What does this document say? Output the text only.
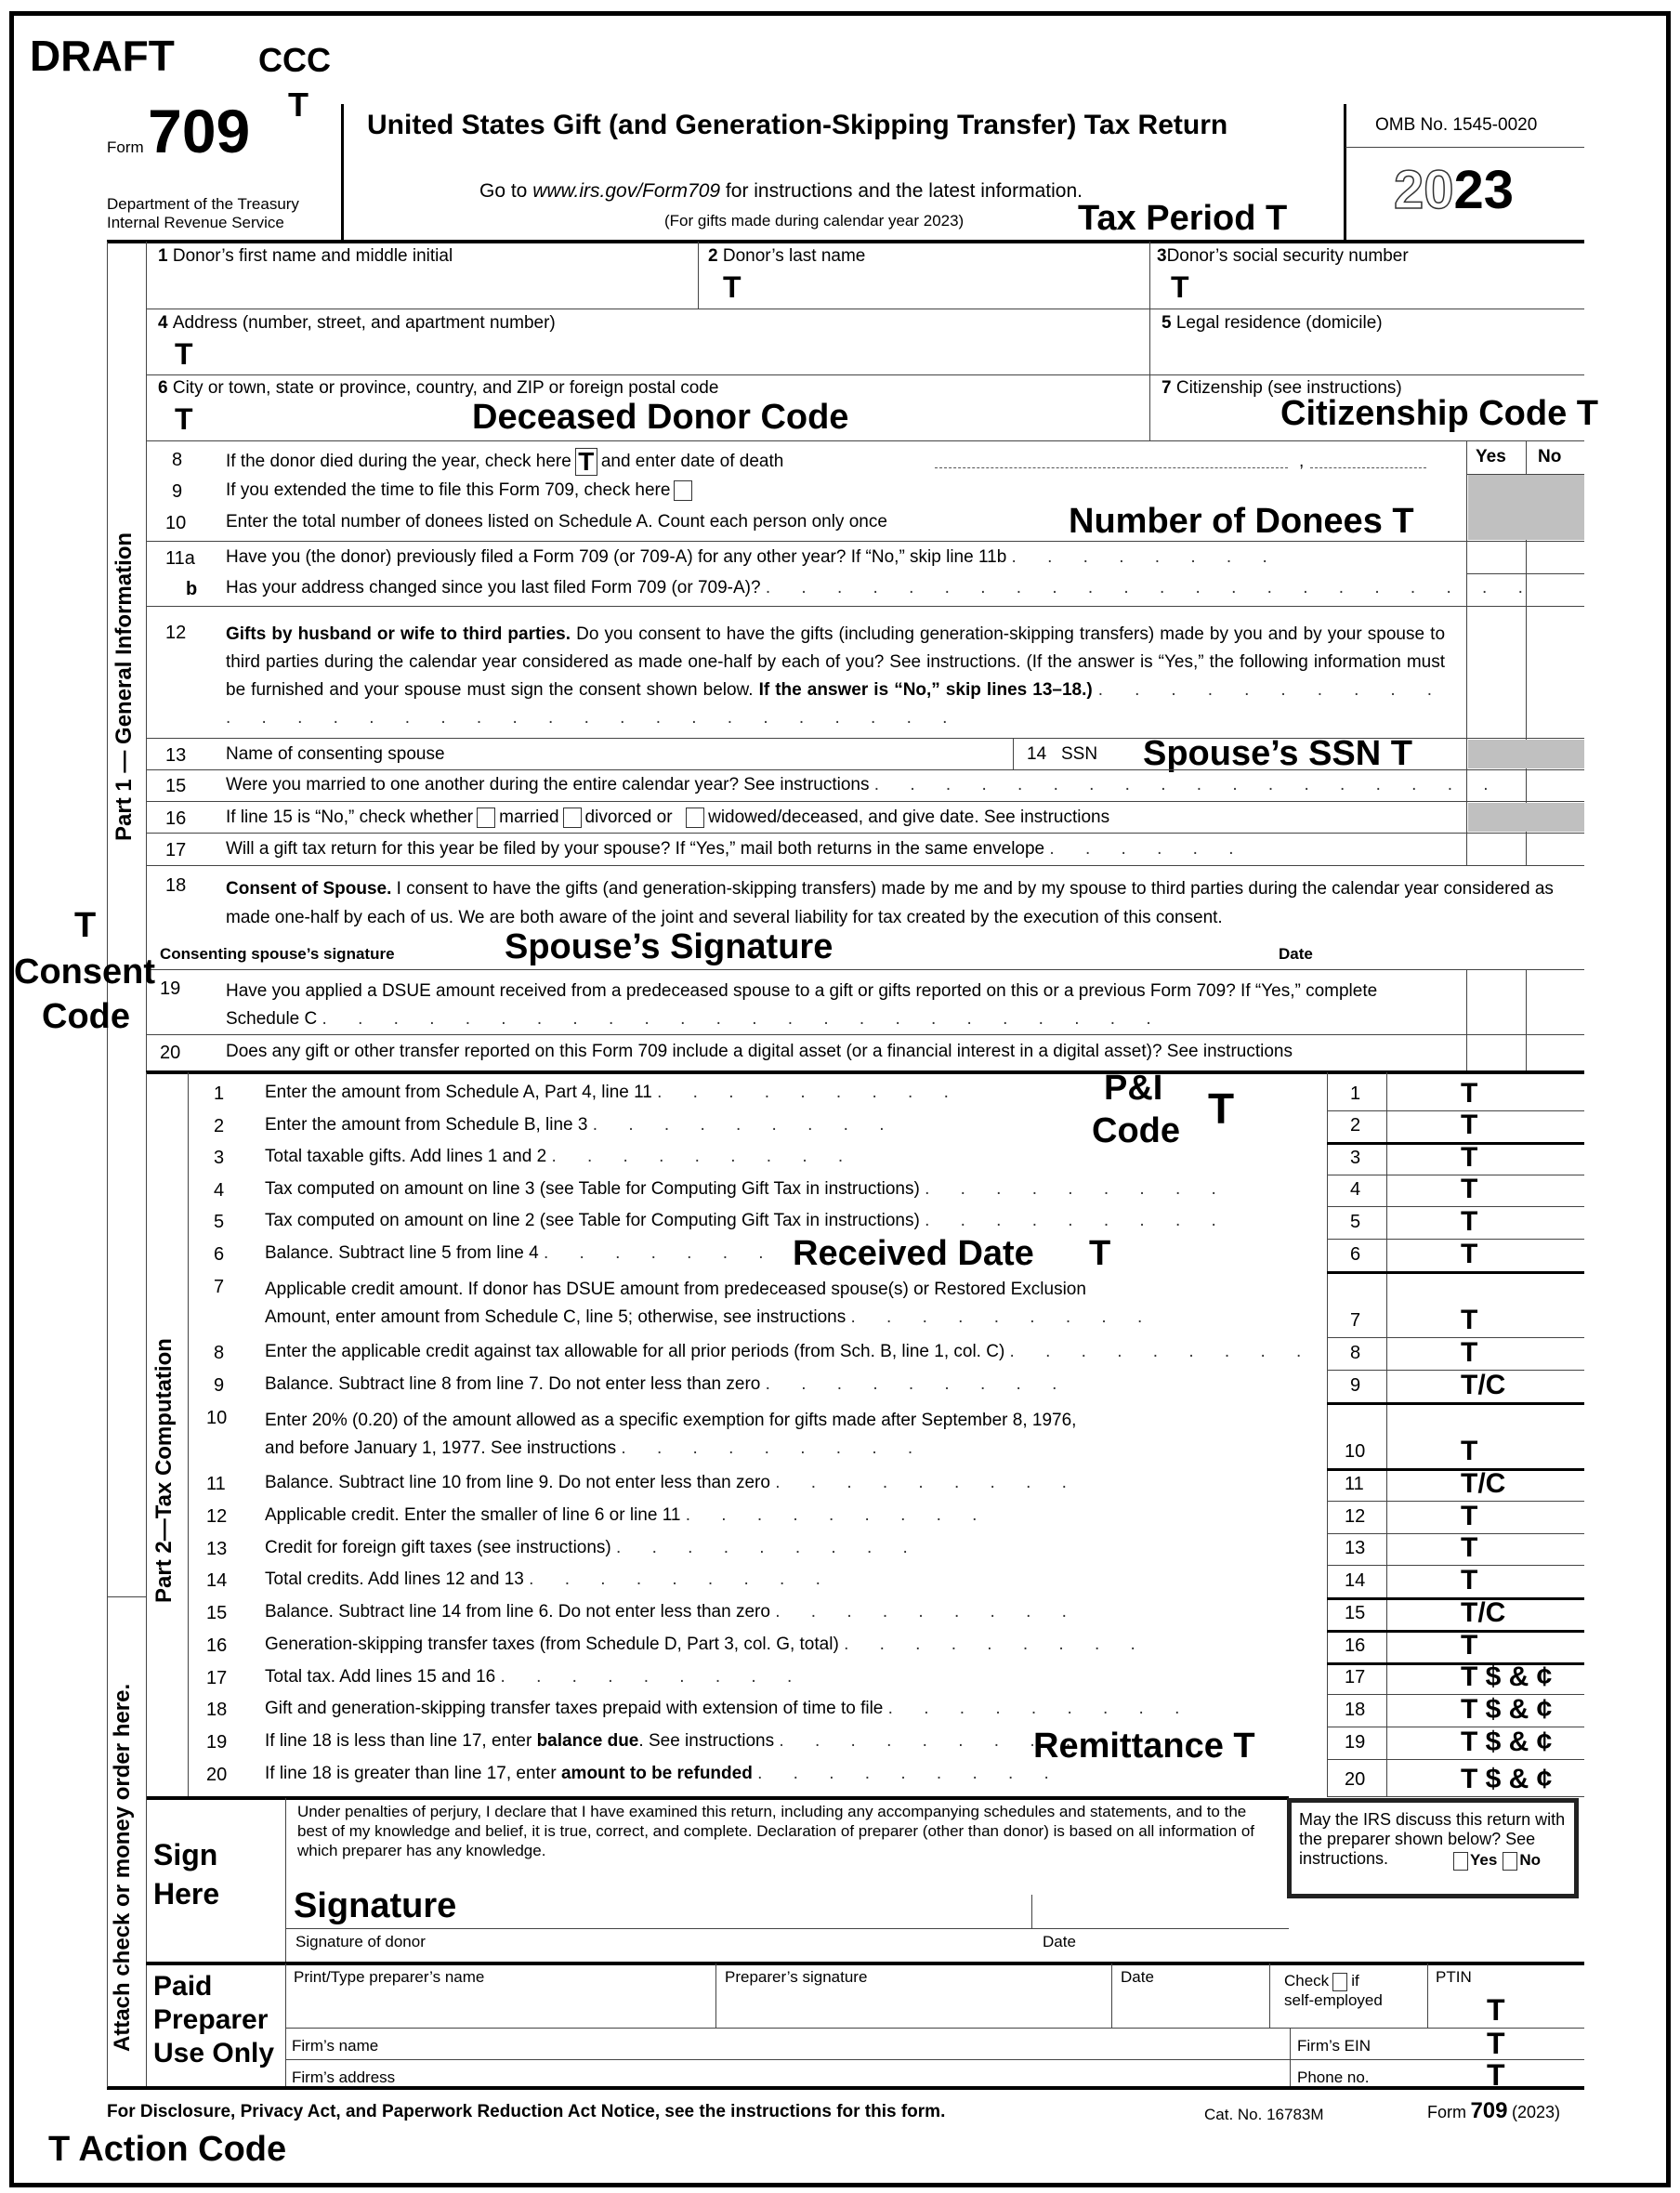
DRAFT	CCC
T
Form 709
Department of the Treasury
Internal Revenue Service
United States Gift (and Generation-Skipping Transfer) Tax Return
Go to www.irs.gov/Form709 for instructions and the latest information.
(For gifts made during calendar year 2023)	Tax Period T
OMB No. 1545-0020
2023
Part 1 — General Information
1 Donor’s first name and middle initial	2 Donor’s last name
T
3Donor’s social security number
T
4 Address (number, street, and apartment number)
T
5 Legal residence (domicile)
6 City or town, state or province, country, and ZIP or foreign postal code
T	Deceased Donor Code
7 Citizenship (see instructions)
Citizenship Code T
Yes No
8 If the donor died during the year, check here T and enter date of death	,
9 If you extended the time to file this Form 709, check here
10 Enter the total number of donees listed on Schedule A. Count each person only once	Number of Donees T
11a Have you (the donor) previously filed a Form 709 (or 709-A) for any other year? If “No,” skip line 11b . . . . . . . .
b Has your address changed since you last filed Form 709 (or 709-A)? . . . . . . . . . . . . . . . . . . . . . .
12 Gifts by husband or wife to third parties. Do you consent to have the gifts (including generation-skipping transfers) made by you and by your spouse to third parties during the calendar year considered as made one-half by each of you? See instructions. (If the answer is “Yes,” the following information must be furnished and your spouse must sign the consent shown below. If the answer is “No,” skip lines 13–18.) . . . . . . . . . . . . . . . . . . . . . . . . . . . . . . .
13 Name of consenting spouse	14 SSN Spouse’s SSN T
15 Were you married to one another during the entire calendar year? See instructions . . . . . . . . . . . . . . . . . .
16 If line 15 is “No,” check whether married divorced or widowed/deceased, and give date. See instructions
17 Will a gift tax return for this year be filed by your spouse? If “Yes,” mail both returns in the same envelope . . . . . .
18 Consent of Spouse. I consent to have the gifts (and generation-skipping transfers) made by me and by my spouse to third parties during the calendar year considered as made one-half by each of us. We are both aware of the joint and several liability for tax created by the execution of this consent.
Consenting spouse’s signature	Spouse’s Signature	Date
T
Consent
Code
19	Have you applied a DSUE amount received from a predeceased spouse to a gift or gifts reported on this or a previous Form 709? If “Yes,” complete Schedule C . . . . . . . . . . . . . . . . . . . . . . . .
20	Does any gift or other transfer reported on this Form 709 include a digital asset (or a financial interest in a digital asset)? See instructions
Part 2—Tax Computation
1 Enter the amount from Schedule A, Part 4, line 11 . . . . . . . . .	1	T
2 Enter the amount from Schedule B, line 3 . . . . . . . . .	2	T
3 Total taxable gifts. Add lines 1 and 2 . . . . . . . . .	3	T
4 Tax computed on amount on line 3 (see Table for Computing Gift Tax in instructions) . . . . . . . . .	4	T
5 Tax computed on amount on line 2 (see Table for Computing Gift Tax in instructions) . . . . . . . . .	5	T
6 Balance. Subtract line 5 from line 4 . . . . . . . . .	6	T
7 Applicable credit amount. If donor has DSUE amount from predeceased spouse(s) or Restored Exclusion
Amount, enter amount from Schedule C, line 5; otherwise, see instructions . . . . . . . . .	7	T
8 Enter the applicable credit against tax allowable for all prior periods (from Sch. B, line 1, col. C) . . . . . . . . . 8	T
9 Balance. Subtract line 8 from line 7. Do not enter less than zero . . . . . . . . .	9	T/C
10 Enter 20% (0.20) of the amount allowed as a specific exemption for gifts made after September 8, 1976,
and before January 1, 1977. See instructions . . . . . . . . .	10	T
11 Balance. Subtract line 10 from line 9. Do not enter less than zero . . . . . . . . .	11	T/C
12 Applicable credit. Enter the smaller of line 6 or line 11 . . . . . . . . .	12	T
13 Credit for foreign gift taxes (see instructions) . . . . . . . . .	13	T
14 Total credits. Add lines 12 and 13 . . . . . . . . .	14	T
15 Balance. Subtract line 14 from line 6. Do not enter less than zero . . . . . . . . .	15	T/C
16 Generation-skipping transfer taxes (from Schedule D, Part 3, col. G, total) . . . . . . . . .	16	T
17 Total tax. Add lines 15 and 16 . . . . . . . . .	17	T $ & ¢
18 Gift and generation-skipping transfer taxes prepaid with extension of time to file . . . . . . . . .	18	T $ & ¢
19 If line 18 is less than line 17, enter balance due. See instructions . . . . . . . . .	19	T $ & ¢
20 If line 18 is greater than line 17, enter amount to be refunded . . . . . . . . .	20	T $ & ¢
P&I
Code T
Received Date T
Remittance T
Attach check or money order here. Sign
Here
Under penalties of perjury, I declare that I have examined this return, including any accompanying schedules and statements, and to the best of my knowledge and belief, it is true, correct, and complete. Declaration of preparer (other than donor) is based on all information of which preparer has any knowledge.
Signature
Signature of donor	Date
May the IRS discuss this return with the preparer shown below? See instructions.	Yes No
Paid
Preparer
Use Only
Print/Type preparer’s name	Preparer’s signature	Date	Check if
self-employed
PTIN
T
Firm’s name	Firm’s EIN	T
Firm’s address	Phone no.	T
For Disclosure, Privacy Act, and Paperwork Reduction Act Notice, see the instructions for this form.	Cat. No. 16783M	Form 709 (2023)
T Action Code
